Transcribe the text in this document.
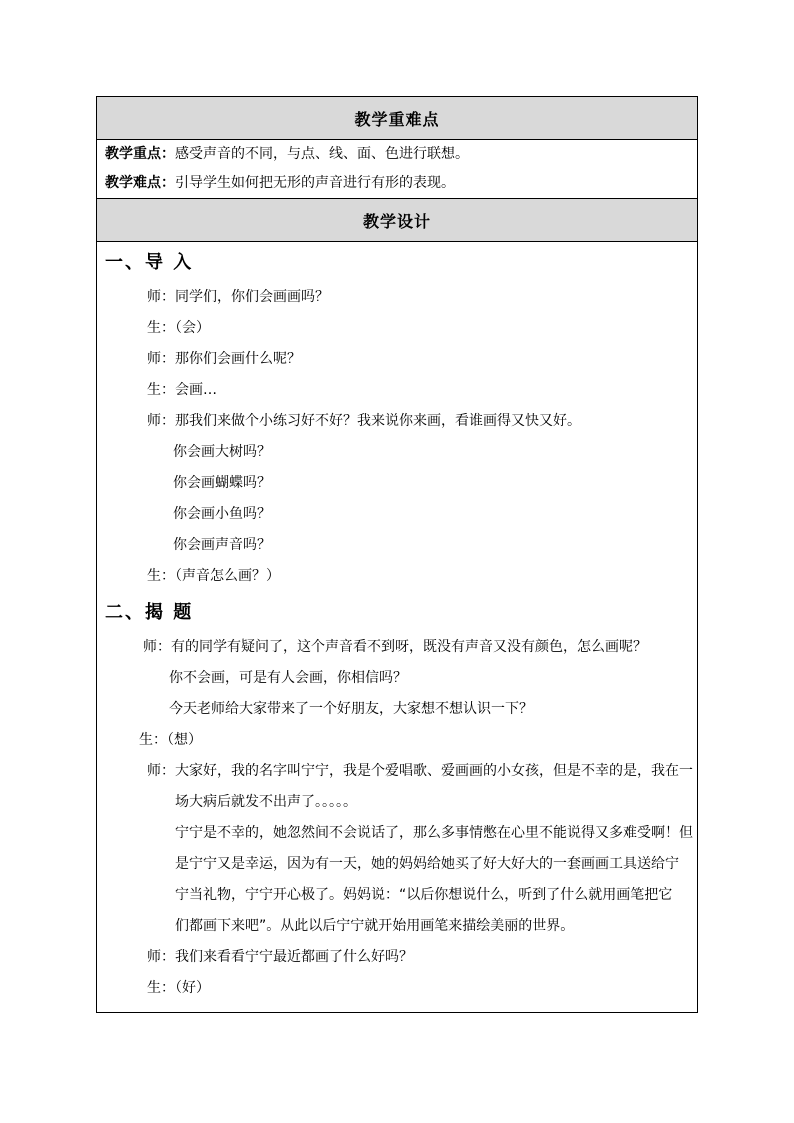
教学重难点

教学重点：感受声音的不同，与点、线、面、色进行联想。
教学难点：引导学生如何把无形的声音进行有形的表现。

教学设计

一、导 入
师：同学们，你们会画画吗？
生：（会）
师：那你们会画什么呢？
生：会画…
师：那我们来做个小练习好不好？我来说你来画，看谁画得又快又好。
你会画大树吗？
你会画蝴蝶吗？
你会画小鱼吗？
你会画声音吗？
生：（声音怎么画？）
二、揭 题
师：有的同学有疑问了，这个声音看不到呀，既没有声音又没有颜色，怎么画呢？
你不会画，可是有人会画，你相信吗？
今天老师给大家带来了一个好朋友，大家想不想认识一下？
生：（想）
师：大家好，我的名字叫宁宁，我是个爱唱歌、爱画画的小女孩，但是不幸的是，我在一
场大病后就发不出声了。。。。。
宁宁是不幸的，她忽然间不会说话了，那么多事情憋在心里不能说得又多难受啊！但
是宁宁又是幸运，因为有一天，她的妈妈给她买了好大好大的一套画画工具送给宁
宁当礼物，宁宁开心极了。妈妈说：“以后你想说什么，听到了什么就用画笔把它
们都画下来吧”。从此以后宁宁就开始用画笔来描绘美丽的世界。
师：我们来看看宁宁最近都画了什么好吗？
生：（好）
